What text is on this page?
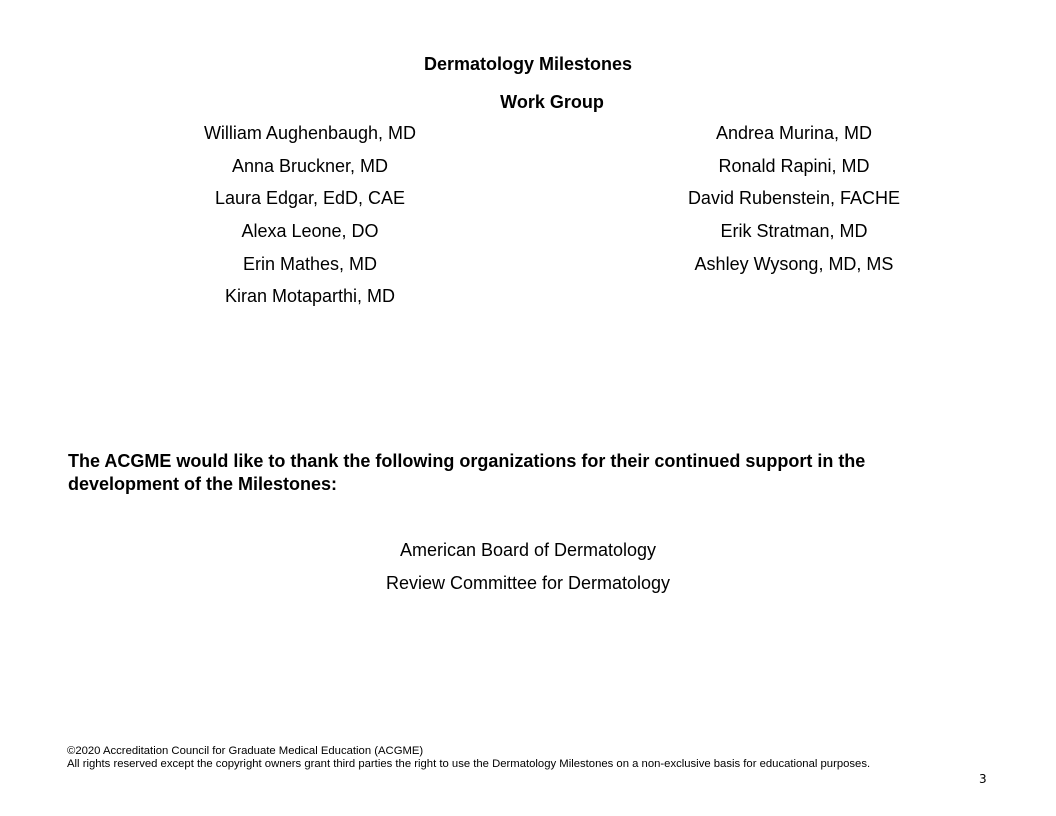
Dermatology Milestones
Work Group
William Aughenbaugh, MD
Anna Bruckner, MD
Laura Edgar, EdD, CAE
Alexa Leone, DO
Erin Mathes, MD
Kiran Motaparthi, MD
Andrea Murina, MD
Ronald Rapini, MD
David Rubenstein, FACHE
Erik Stratman, MD
Ashley Wysong, MD, MS
The ACGME would like to thank the following organizations for their continued support in the development of the Milestones:
American Board of Dermatology
Review Committee for Dermatology
©2020 Accreditation Council for Graduate Medical Education (ACGME)
All rights reserved except the copyright owners grant third parties the right to use the Dermatology Milestones on a non-exclusive basis for educational purposes.
3
